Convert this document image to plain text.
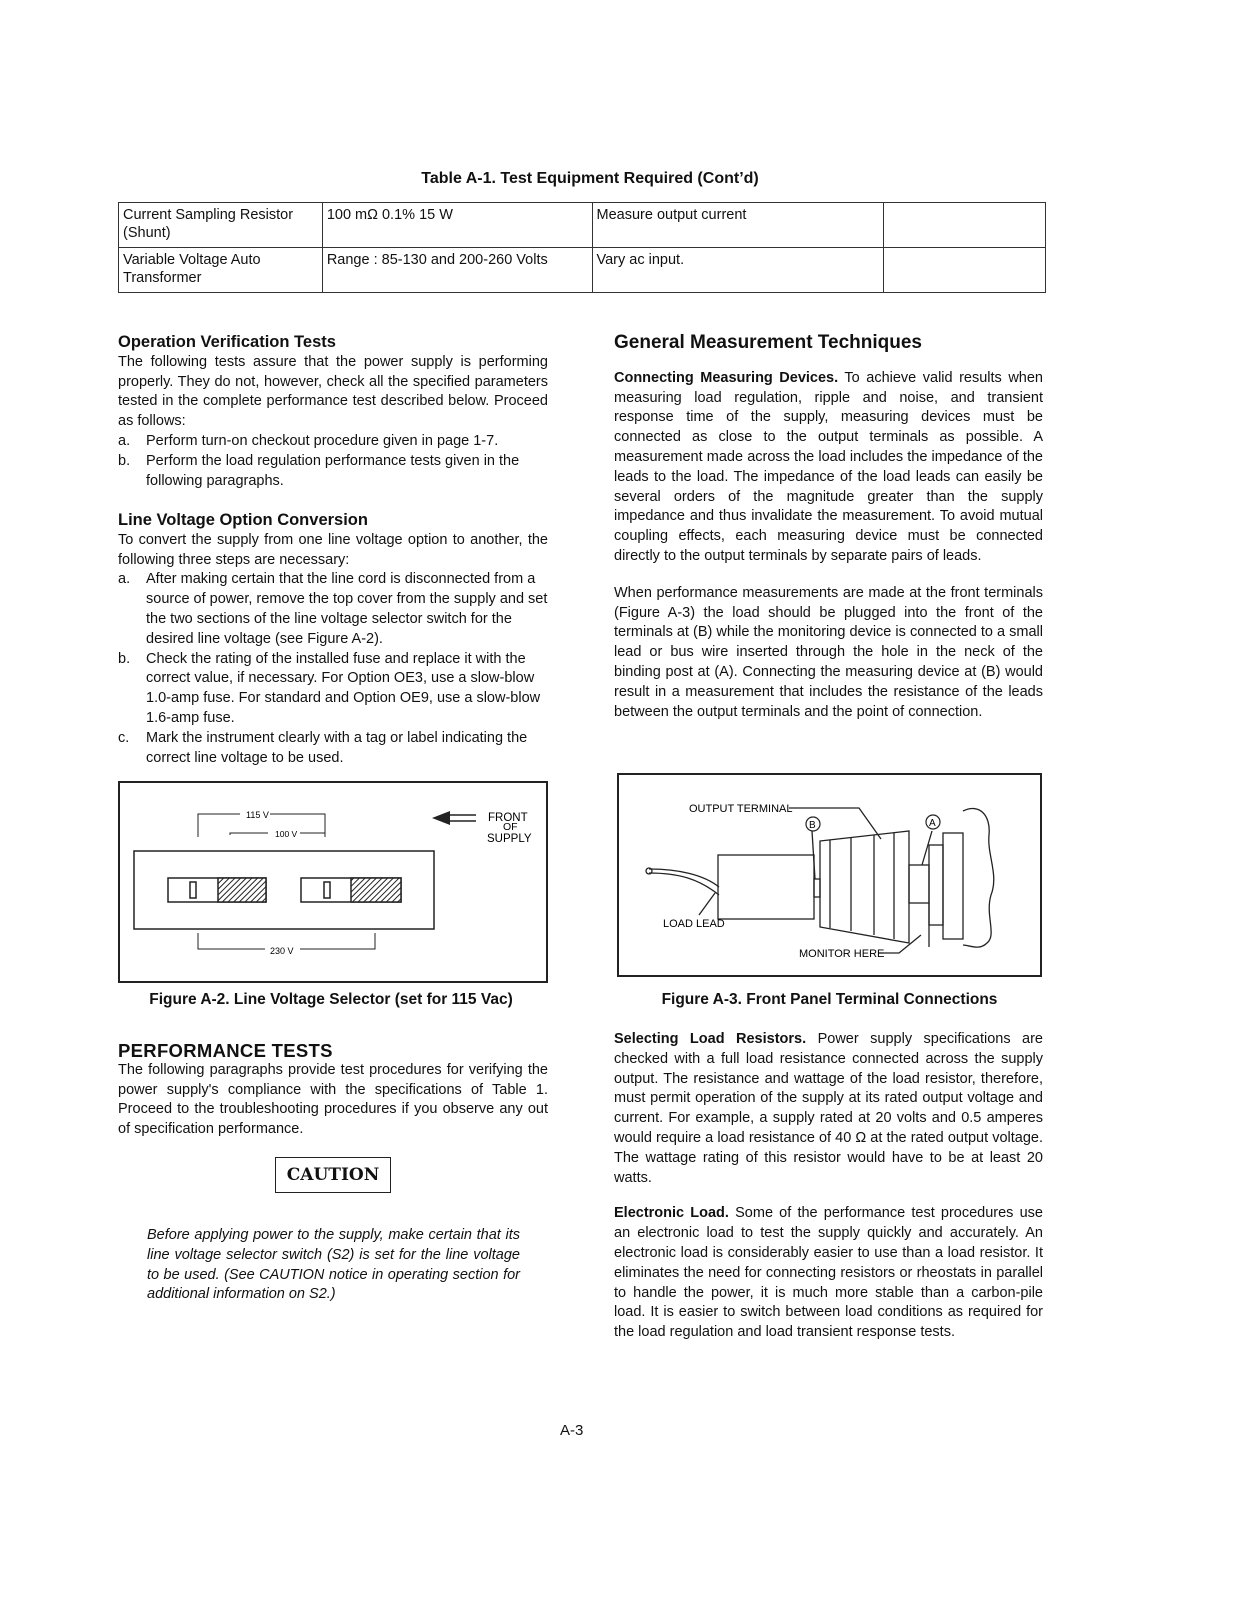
Table A-1. Test Equipment Required (Cont’d)
Current Sampling Resistor (Shunt)	100 mΩ 0.1% 15 W	Measure output current	
Variable Voltage Auto Transformer	Range : 85-130 and 200-260 Volts	Vary ac input.	

Operation Verification Tests

The following tests assure that the power supply is performing properly. They do not, however, check all the specified parameters tested in the complete performance test described below. Proceed as follows:

a. Perform turn-on checkout procedure given in page 1-7.
b. Perform the load regulation performance tests given in the following paragraphs.

Line Voltage Option Conversion

To convert the supply from one line voltage option to another, the following three steps are necessary:

a. After making certain that the line cord is disconnected from a source of power, remove the top cover from the supply and set the two sections of the line voltage selector switch for the desired line voltage (see Figure A-2).
b. Check the rating of the installed fuse and replace it with the correct value, if necessary. For Option OE3, use a slow-blow 1.0-amp fuse. For standard and Option OE9, use a slow-blow 1.6-amp fuse.
c. Mark the instrument clearly with a tag or label indicating the correct line voltage to be used.
115 V
100 V
230 V
FRONT
OF
SUPPLY
Figure A-2. Line Voltage Selector (set for 115 Vac)

PERFORMANCE TESTS

The following paragraphs provide test procedures for verifying the power supply's compliance with the specifications of Table 1. Proceed to the troubleshooting procedures if you observe any out of specification performance.

CAUTION
Before applying power to the supply, make certain that its line voltage selector switch (S2) is set for the line voltage to be used. (See CAUTION notice in operating section for additional information on S2.)

General Measurement Techniques

Connecting Measuring Devices. To achieve valid results when measuring load regulation, ripple and noise, and transient response time of the supply, measuring devices must be connected as close to the output terminals as possible. A measurement made across the load includes the impedance of the leads to the load. The impedance of the load leads can easily be several orders of the magnitude greater than the supply impedance and thus invalidate the measurement. To avoid mutual coupling effects, each measuring device must be connected directly to the output terminals by separate pairs of leads.

When performance measurements are made at the front terminals (Figure A-3) the load should be plugged into the front of the terminals at (B) while the monitoring device is connected to a small lead or bus wire inserted through the hole in the neck of the binding post at (A). Connecting the measuring device at (B) would result in a measurement that includes the resistance of the leads between the output terminals and the point of connection.

B	A
OUTPUT TERMINAL
LOAD LEAD
MONITOR HERE
Figure A-3. Front Panel Terminal Connections

Selecting Load Resistors. Power supply specifications are checked with a full load resistance connected across the supply output. The resistance and wattage of the load resistor, therefore, must permit operation of the supply at its rated output voltage and current. For example, a supply rated at 20 volts and 0.5 amperes would require a load resistance of 40 Ω at the rated output voltage. The wattage rating of this resistor would have to be at least 20 watts.

Electronic Load. Some of the performance test procedures use an electronic load to test the supply quickly and accurately. An electronic load is considerably easier to use than a load resistor. It eliminates the need for connecting resistors or rheostats in parallel to handle the power, it is much more stable than a carbon-pile load. It is easier to switch between load conditions as required for the load regulation and load transient response tests.

A-3
